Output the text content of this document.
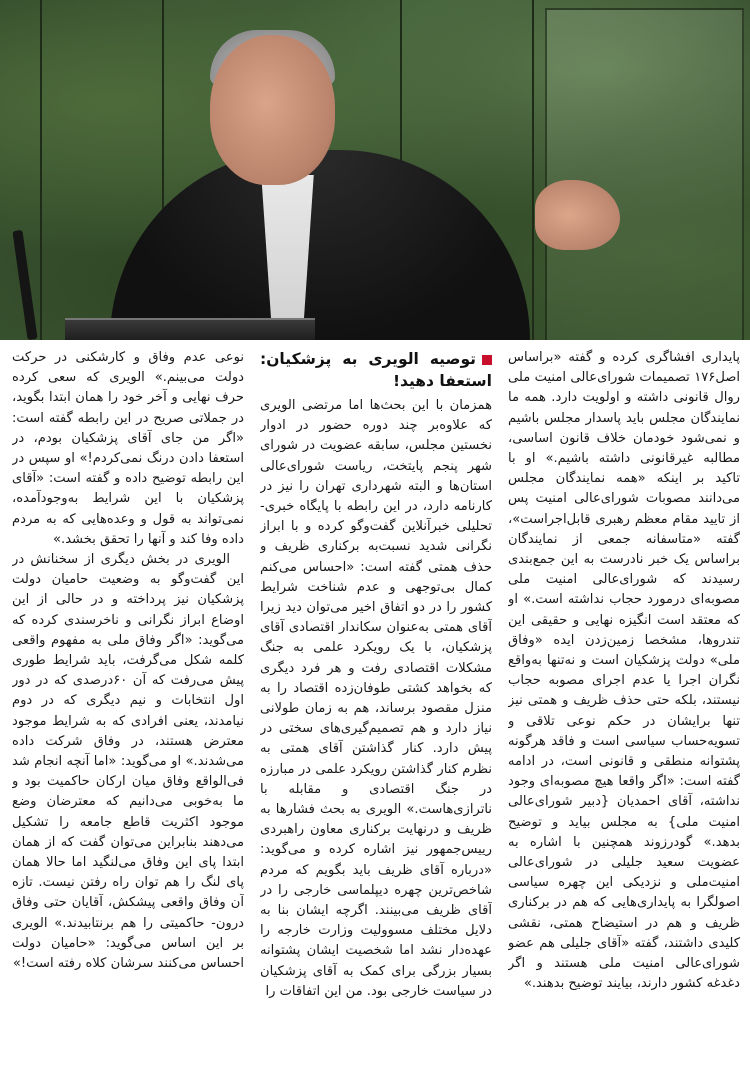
پایداری افشاگری کرده و گفته «براساس اصل۱۷۶ تصمیمات شورای‌عالی امنیت ملی روال قانونی داشته و اولویت دارد. همه ما نمایندگان مجلس باید پاسدار مجلس باشیم و نمی‌شود خودمان خلاف قانون اساسی، مطالبه غیرقانونی داشته باشیم.» او با تاکید بر اینکه «همه نمایندگان مجلس می‌دانند مصوبات شورای‌عالی امنیت پس از تایید مقام معظم رهبری قابل‌اجراست»، گفته «متاسفانه جمعی از نمایندگان براساس یک خبر نادرست به این جمع‌بندی رسیدند که شورای‌عالی امنیت ملی مصوبه‌ای درمورد حجاب نداشته است.» او که معتقد است انگیزه نهایی و حقیقی این تندروها، مشخصا زمین‌زدن ایده «وفاق ملی» دولت پزشکیان است و نه‌تنها به‌واقع نگران اجرا یا عدم اجرای مصوبه حجاب نیستند، بلکه حتی حذف ظریف و همتی نیز تنها برایشان در حکم نوعی تلاقی و تسویه‌حساب سیاسی است و فاقد هرگونه پشتوانه منطقی و قانونی است، در ادامه گفته است: «اگر واقعا هیچ مصوبه‌ای وجود نداشته، آقای احمدیان {دبیر شورای‌عالی امنیت ملی} به مجلس بیاید و توضیح بدهد.» گودرزوند همچنین با اشاره به عضویت سعید جلیلی در شورای‌عالی امنیت‌ملی و نزدیکی این چهره سیاسی اصولگرا به پایداری‌هایی که هم در برکناری ظریف و هم در استیضاح همتی، نقشی کلیدی داشتند، گفته «آقای جلیلی هم عضو شورای‌عالی امنیت ملی هستند و اگر دغدغه کشور دارند، بیایند توضیح بدهند.»

توصیه الویری به پزشکیان: استعفا دهید!

همزمان با این بحث‌ها اما مرتضی الویری که علاوه‌بر چند دوره حضور در ادوار نخستین مجلس، سابقه عضویت در شورای شهر پنجم پایتخت، ریاست شورای‌عالی استان‌ها و البته شهرداری تهران را نیز در کارنامه دارد، در این رابطه با پایگاه خبری-تحلیلی خبرآنلاین گفت‌وگو کرده و با ابراز نگرانی شدید نسبت‌به برکناری ظریف و حذف همتی گفته است: «احساس می‌کنم کمال بی‌توجهی و عدم شناخت شرایط کشور را در دو اتفاق اخیر می‌توان دید زیرا آقای همتی به‌عنوان سکاندار اقتصادی آقای پزشکیان، با یک رویکرد علمی به جنگ مشکلات اقتصادی رفت و هر فرد دیگری که بخواهد کشتی طوفان‌زده اقتصاد را به منزل مقصود برساند، هم به زمان طولانی نیاز دارد و هم تصمیم‌گیری‌های سختی در پیش دارد. کنار گذاشتن آقای همتی به نظرم کنار گذاشتن رویکرد علمی در مبارزه در جنگ اقتصادی و مقابله با ناترازی‌هاست.» الویری به بحث فشارها به ظریف و درنهایت برکناری معاون راهبردی رییس‌جمهور نیز اشاره کرده و می‌گوید: «درباره آقای ظریف باید بگویم که مردم شاخص‌ترین چهره دیپلماسی خارجی را در آقای ظریف می‌بینند. اگرچه ایشان بنا به دلایل مختلف مسوولیت وزارت خارجه را عهده‌دار نشد اما شخصیت ایشان پشتوانه بسیار بزرگی برای کمک به آقای پزشکیان در سیاست خارجی بود. من این اتفاقات را

نوعی عدم وفاق و کارشکنی در حرکت دولت می‌بینم.» الویری که سعی کرده حرف نهایی و آخر خود را همان ابتدا بگوید، در جملاتی صریح در این رابطه گفته است: «اگر من جای آقای پزشکیان بودم، در استعفا دادن درنگ نمی‌کردم!» او سپس در این رابطه توضیح داده و گفته است: «آقای پزشکیان با این شرایط به‌وجودآمده، نمی‌تواند به قول و وعده‌هایی که به مردم داده وفا کند و آنها را تحقق بخشد.»

الویری در بخش دیگری از سخنانش در این گفت‌وگو به وضعیت حامیان دولت پزشکیان نیز پرداخته و در حالی از این اوضاع ابراز نگرانی و ناخرسندی کرده که می‌گوید: «اگر وفاق ملی به مفهوم واقعی کلمه شکل می‌گرفت، باید شرایط طوری پیش می‌رفت که آن ۶۰درصدی که در دور اول انتخابات و نیم دیگری که در دوم نیامدند، یعنی افرادی که به شرایط موجود معترض هستند، در وفاق شرکت داده می‌شدند.» او می‌گوید: «اما آنچه انجام شد فی‌الواقع وفاق میان ارکان حاکمیت بود و ما به‌خوبی می‌دانیم که معترضان وضع موجود اکثریت قاطع جامعه را تشکیل می‌دهند بنابراین می‌توان گفت که از همان ابتدا پای این وفاق می‌لنگید اما حالا همان پای لنگ را هم توان راه رفتن نیست. تازه آن وفاق واقعی پیشکش، آقایان حتی وفاق درون- حاکمیتی را هم برنتابیدند.» الویری بر این اساس می‌گوید: «حامیان دولت احساس می‌کنند سرشان کلاه رفته است!»
